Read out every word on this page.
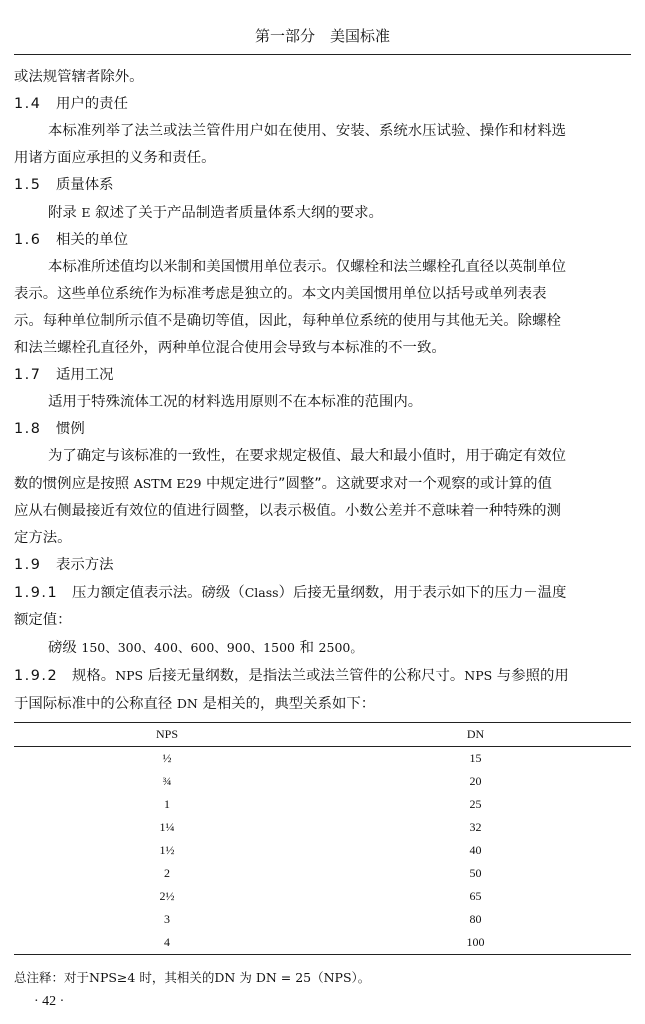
第一部分　美国标准

或法规管辖者除外。

1.4 用户的责任

本标准列举了法兰或法兰管件用户如在使用、安装、系统水压试验、操作和材料选

用诸方面应承担的义务和责任。

1.5 质量体系

附录 E 叙述了关于产品制造者质量体系大纲的要求。

1.6 相关的单位

本标准所述值均以米制和美国惯用单位表示。仅螺栓和法兰螺栓孔直径以英制单位

表示。这些单位系统作为标准考虑是独立的。本文内美国惯用单位以括号或单列表表

示。每种单位制所示值不是确切等值，因此，每种单位系统的使用与其他无关。除螺栓

和法兰螺栓孔直径外，两种单位混合使用会导致与本标准的不一致。

1.7 适用工况

适用于特殊流体工况的材料选用原则不在本标准的范围内。

1.8 惯例

为了确定与该标准的一致性，在要求规定极值、最大和最小值时，用于确定有效位

数的惯例应是按照 ASTM E29 中规定进行”圆整”。这就要求对一个观察的或计算的值

应从右侧最接近有效位的值进行圆整，以表示极值。小数公差并不意味着一种特殊的测

定方法。

1.9 表示方法

1.9.1 压力额定值表示法。磅级（Class）后接无量纲数，用于表示如下的压力－温度

额定值：

磅级 150、300、400、600、900、1500 和 2500。

1.9.2 规格。NPS 后接无量纲数，是指法兰或法兰管件的公称尺寸。NPS 与参照的用

于国际标准中的公称直径 DN 是相关的，典型关系如下：

NPS	DN
½	15
¾	20
1	25
1¼	32
1½	40
2	50
2½	65
3	80
4	100
总注释：对于NPS≥4 时，其相关的DN 为 DN = 25（NPS）。
· 42 ·
